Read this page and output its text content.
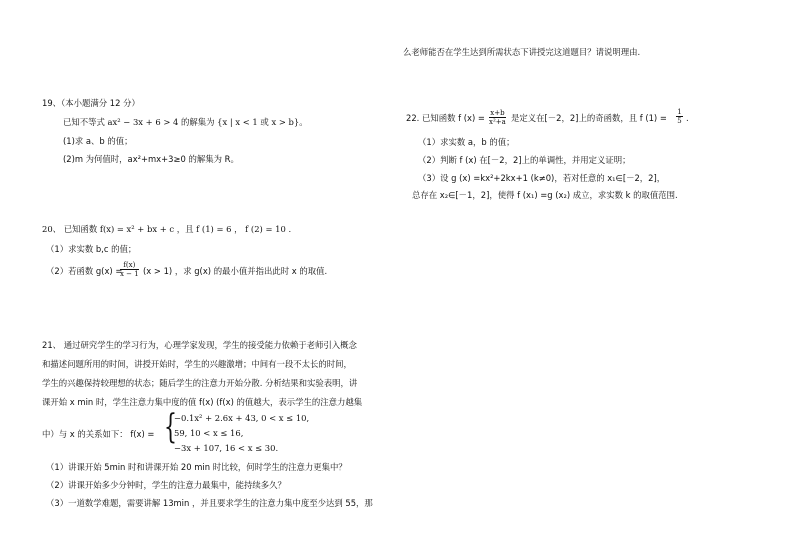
么老师能否在学生达到所需状态下讲授完这道题目？请说明理由.
22. 已知函数 f (x) = x+b
x²+a 是定义在[－2，2]上的奇函数，且 f (1) =
1
5 .
（1）求实数 a，b 的值；
（2）判断 f (x) 在[－2，2]上的单调性，并用定义证明；
（3）设 g (x) =kx²+2kx+1 (k≠0)，若对任意的 x₁∈[－2，2]，
总存在 x₂∈[－1，2]，使得 f (x₁) =g (x₂) 成立，求实数 k 的取值范围.
19、（本小题满分 12 分）
已知不等式 ax² − 3x + 6 > 4 的解集为 {x | x < 1 或 x > b}。
(1)求 a、b 的值；
(2)m 为何值时，ax²+mx+3≥0 的解集为 R。
20、 已知函数 f(x) = x² + bx + c ，且 f (1) = 6 ， f (2) = 10 .
（1）求实数 b,c 的值；
（2）若函数 g(x) =
f(x)
x − 1 (x > 1) ，求 g(x) 的最小值并指出此时 x 的取值.
21、 通过研究学生的学习行为，心理学家发现，学生的接受能力依赖于老师引入概念
和描述问题所用的时间，讲授开始时，学生的兴趣激增；中间有一段不太长的时间，
学生的兴趣保持较理想的状态；随后学生的注意力开始分散. 分析结果和实验表明，讲
课开始 x min 时，学生注意力集中度的值 f(x) (f(x) 的值越大，表示学生的注意力越集
中）与 x 的关系如下： f(x) = {
−0.1x² + 2.6x + 43, 0 < x ≤ 10,
59, 10 < x ≤ 16,
−3x + 107, 16 < x ≤ 30.
（1）讲课开始 5min 时和讲课开始 20 min 时比较，何时学生的注意力更集中？
（2）讲课开始多少分钟时，学生的注意力最集中，能持续多久？
（3）一道数学难题，需要讲解 13min ，并且要求学生的注意力集中度至少达到 55，那
